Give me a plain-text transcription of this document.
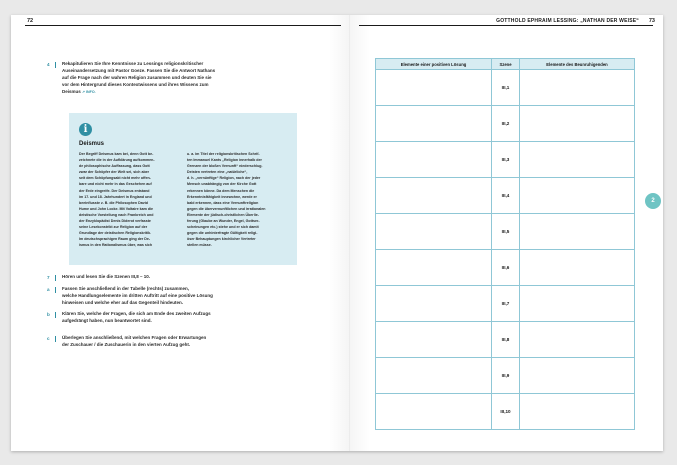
72	GOTTHOLD EPHRAIM LESSING: „NATHAN DER WEISE“ 73
4	Rekapitulieren Sie Ihre Kenntnisse zu Lessings religionskritischer
Auseinandersetzung mit Pastor Goeze. Fassen Sie die Antwort Nathans
auf die Frage nach der wahren Religion zusammen und deuten Sie sie
vor dem Hintergrund dieses Kontextwissens und ihres Wissens zum
Deismus ↗ INFO.
i
Deismus
Der Begriff Deismus kam bei, denn Gott be-
zeichnete die in der Aufklärung aufkommen-
de philosophische Auffassung, dass Gott
zwar der Schöpfer der Welt sei, sich aber
seit dem Schöpfungsakt nicht mehr offen-
bare und nicht mehr in das Geschehen auf
der Erde eingreife. Der Deismus entstand
im 17. und 18. Jahrhundert in England und
beeinflusste z. B. die Philosophen David
Hume und John Locke. Mit Voltaire kam die
deistische Vorstellung nach Frankreich und
der Enzyklopädist Denis Diderot verfasste
seine Lesekonstrikt zur Religion auf der
Grundlage der deistischen Religionskritik.
Im deutschsprachigen Raum ging der De-
ismus in den Rationalismus über, was sich
u. a. im Titel der religionskritischen Schrif-
ten Immanuel Kants „Religion innerhalb der
Grenzen der bloßen Vernunft“ niederschlug.
Deisten vertreten eine „natürliche“,
d. h. „vernünftige“ Religion, nach der jeder
Mensch unabhängig von der Kirche Gott
erkennen könne. Da dem Menschen die
Erkenntnisfähigkeit innewohne, werde er
bald erkennen, dass eine Vernunftreligion
gegen die übervernunftlichen und irrationalen
Elemente der jüdisch-christlichen Überlie-
ferung (Glaube an Wunder, Engel, Gottser-
scheinungen etc.) stehe und er sich damit
gegen die unhinterfragte Gültigkeit religi-
öser Behauptungen kirchlicher Vertreter
stellen müsse.
7	Hören und lesen Sie die Szenen III,8 – 10.
a	Fassen Sie anschließend in der Tabelle (rechts) zusammen,
welche Handlungselemente im dritten Auftritt auf eine positive Lösung
hinweisen und welche eher auf das Gegenteil hindeuten.
b	Klären Sie, welche der Fragen, die sich am Ende des zweiten Aufzugs
aufgedrängt haben, nun beantwortet sind.
c	Überlegen Sie anschließend, mit welchen Fragen oder Erwartungen
der Zuschauer / die Zuschauerin in den vierten Aufzug geht.
Elemente einer positiven Lösung	Szene	Elemente des Beunruhigenden
	III,1	
	III,2	
	III,3	
	III,4	
	III,5	
	III,6	
	III,7	
	III,8	
	III,9	
	III,10	
2
